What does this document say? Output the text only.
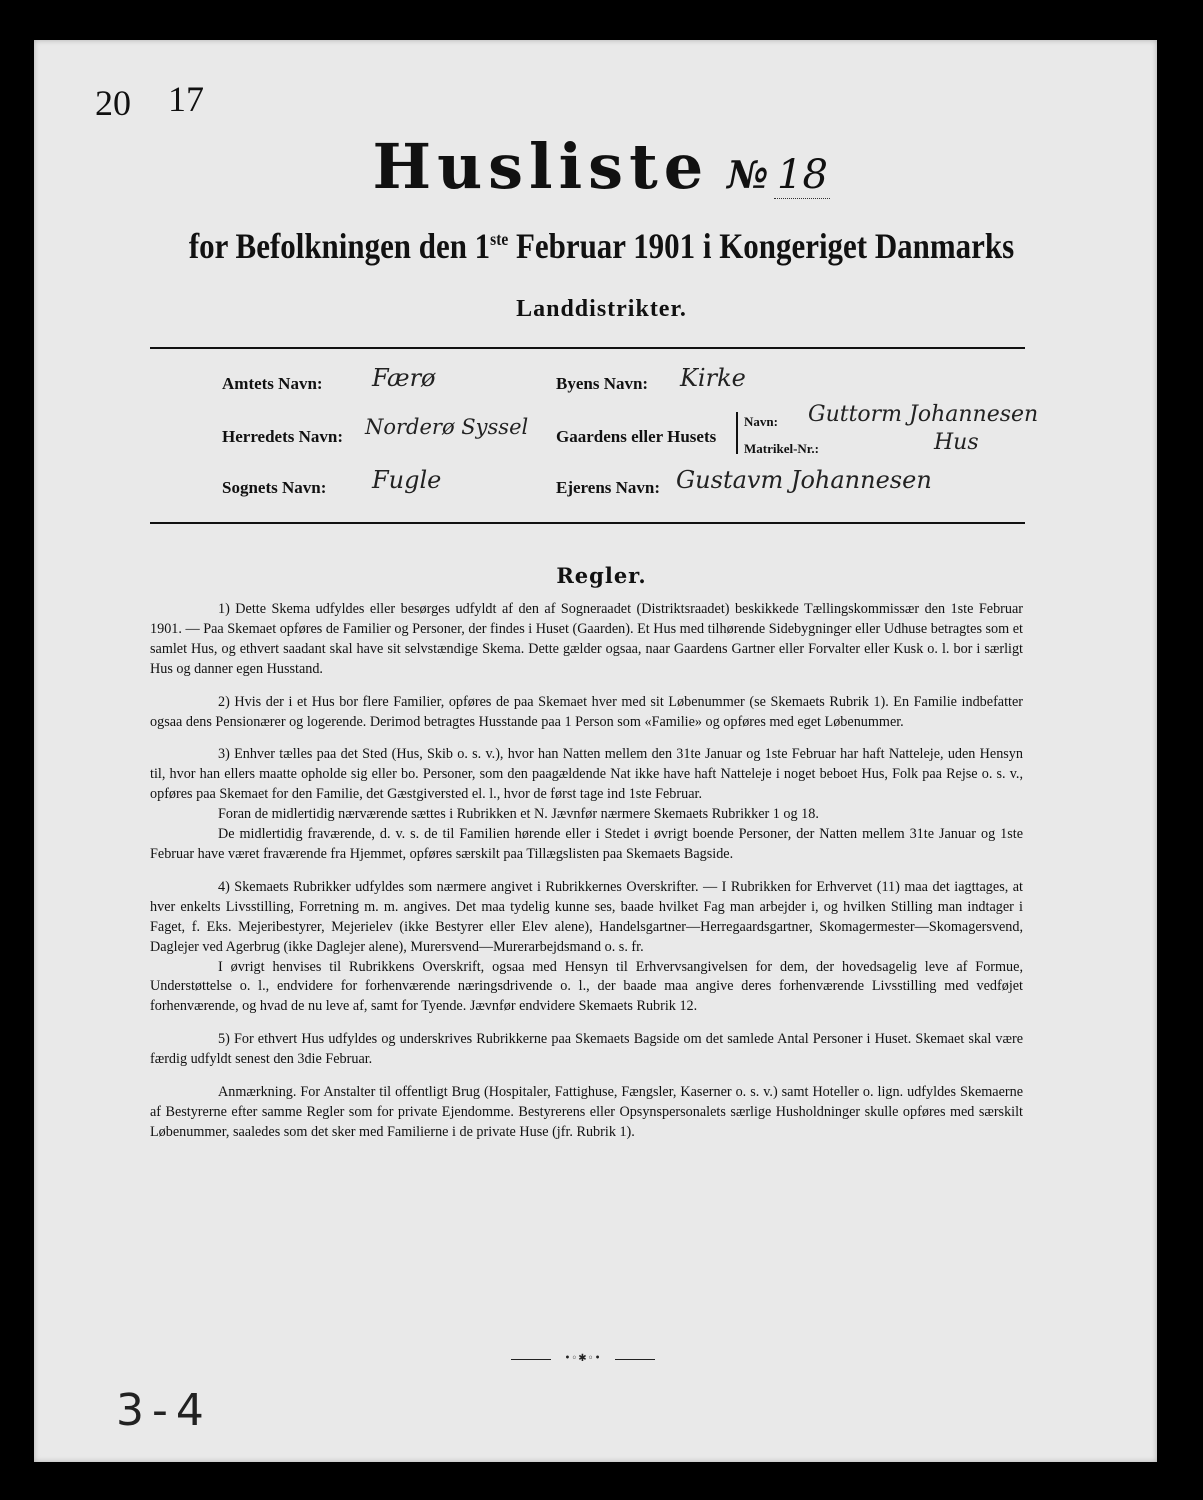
20 17
Husliste № 18
for Befolkningen den 1ste Februar 1901 i Kongeriget Danmarks
Landdistrikter.
Amtets Navn: Færø	Byens Navn: Kirke
Herredets Navn: Norderø Syssel Gaardens eller Husets
Navn:
Matrikel-Nr.:
Guttorm Johannesen
Hus
Sognets Navn: Fugle	Ejerens Navn: Gustavm Johannesen
Regler.

1) Dette Skema udfyldes eller besørges udfyldt af den af Sogneraadet (Distriktsraadet) beskikkede Tællingskommissær den 1ste Februar 1901. — Paa Skemaet opføres de Familier og Personer, der findes i Huset (Gaarden). Et Hus med tilhørende Sidebygninger eller Udhuse betragtes som et samlet Hus, og ethvert saadant skal have sit selvstændige Skema. Dette gælder ogsaa, naar Gaardens Gartner eller Forvalter eller Kusk o. l. bor i særligt Hus og danner egen Husstand.

2) Hvis der i et Hus bor flere Familier, opføres de paa Skemaet hver med sit Løbenummer (se Skemaets Rubrik 1). En Familie indbefatter ogsaa dens Pensionærer og logerende. Derimod betragtes Husstande paa 1 Person som «Familie» og opføres med eget Løbenummer.

3) Enhver tælles paa det Sted (Hus, Skib o. s. v.), hvor han Natten mellem den 31te Januar og 1ste Februar har haft Natteleje, uden Hensyn til, hvor han ellers maatte opholde sig eller bo. Personer, som den paagældende Nat ikke have haft Natteleje i noget beboet Hus, Folk paa Rejse o. s. v., opføres paa Skemaet for den Familie, det Gæstgiversted el. l., hvor de først tage ind 1ste Februar.

Foran de midlertidig nærværende sættes i Rubrikken et N. Jævnfør nærmere Skemaets Rubrikker 1 og 18.

De midlertidig fraværende, d. v. s. de til Familien hørende eller i Stedet i øvrigt boende Personer, der Natten mellem 31te Januar og 1ste Februar have været fraværende fra Hjemmet, opføres særskilt paa Tillægslisten paa Skemaets Bagside.

4) Skemaets Rubrikker udfyldes som nærmere angivet i Rubrikkernes Overskrifter. — I Rubrikken for Erhvervet (11) maa det iagttages, at hver enkelts Livsstilling, Forretning m. m. angives. Det maa tydelig kunne ses, baade hvilket Fag man arbejder i, og hvilken Stilling man indtager i Faget, f. Eks. Mejeribestyrer, Mejerielev (ikke Bestyrer eller Elev alene), Handelsgartner—Herregaardsgartner, Skomagermester—Skomagersvend, Daglejer ved Agerbrug (ikke Daglejer alene), Murersvend—Murerarbejdsmand o. s. fr.

I øvrigt henvises til Rubrikkens Overskrift, ogsaa med Hensyn til Erhvervsangivelsen for dem, der hovedsagelig leve af Formue, Understøttelse o. l., endvidere for forhenværende næringsdrivende o. l., der baade maa angive deres forhenværende Livsstilling med vedføjet forhenværende, og hvad de nu leve af, samt for Tyende. Jævnfør endvidere Skemaets Rubrik 12.

5) For ethvert Hus udfyldes og underskrives Rubrikkerne paa Skemaets Bagside om det samlede Antal Personer i Huset. Skemaet skal være færdig udfyldt senest den 3die Februar.

Anmærkning. For Anstalter til offentligt Brug (Hospitaler, Fattighuse, Fængsler, Kaserner o. s. v.) samt Hoteller o. lign. udfyldes Skemaerne af Bestyrerne efter samme Regler som for private Ejendomme. Bestyrerens eller Opsynspersonalets særlige Husholdninger skulle opføres med særskilt Løbenummer, saaledes som det sker med Familierne i de private Huse (jfr. Rubrik 1).

•◦✱◦•
3-4
